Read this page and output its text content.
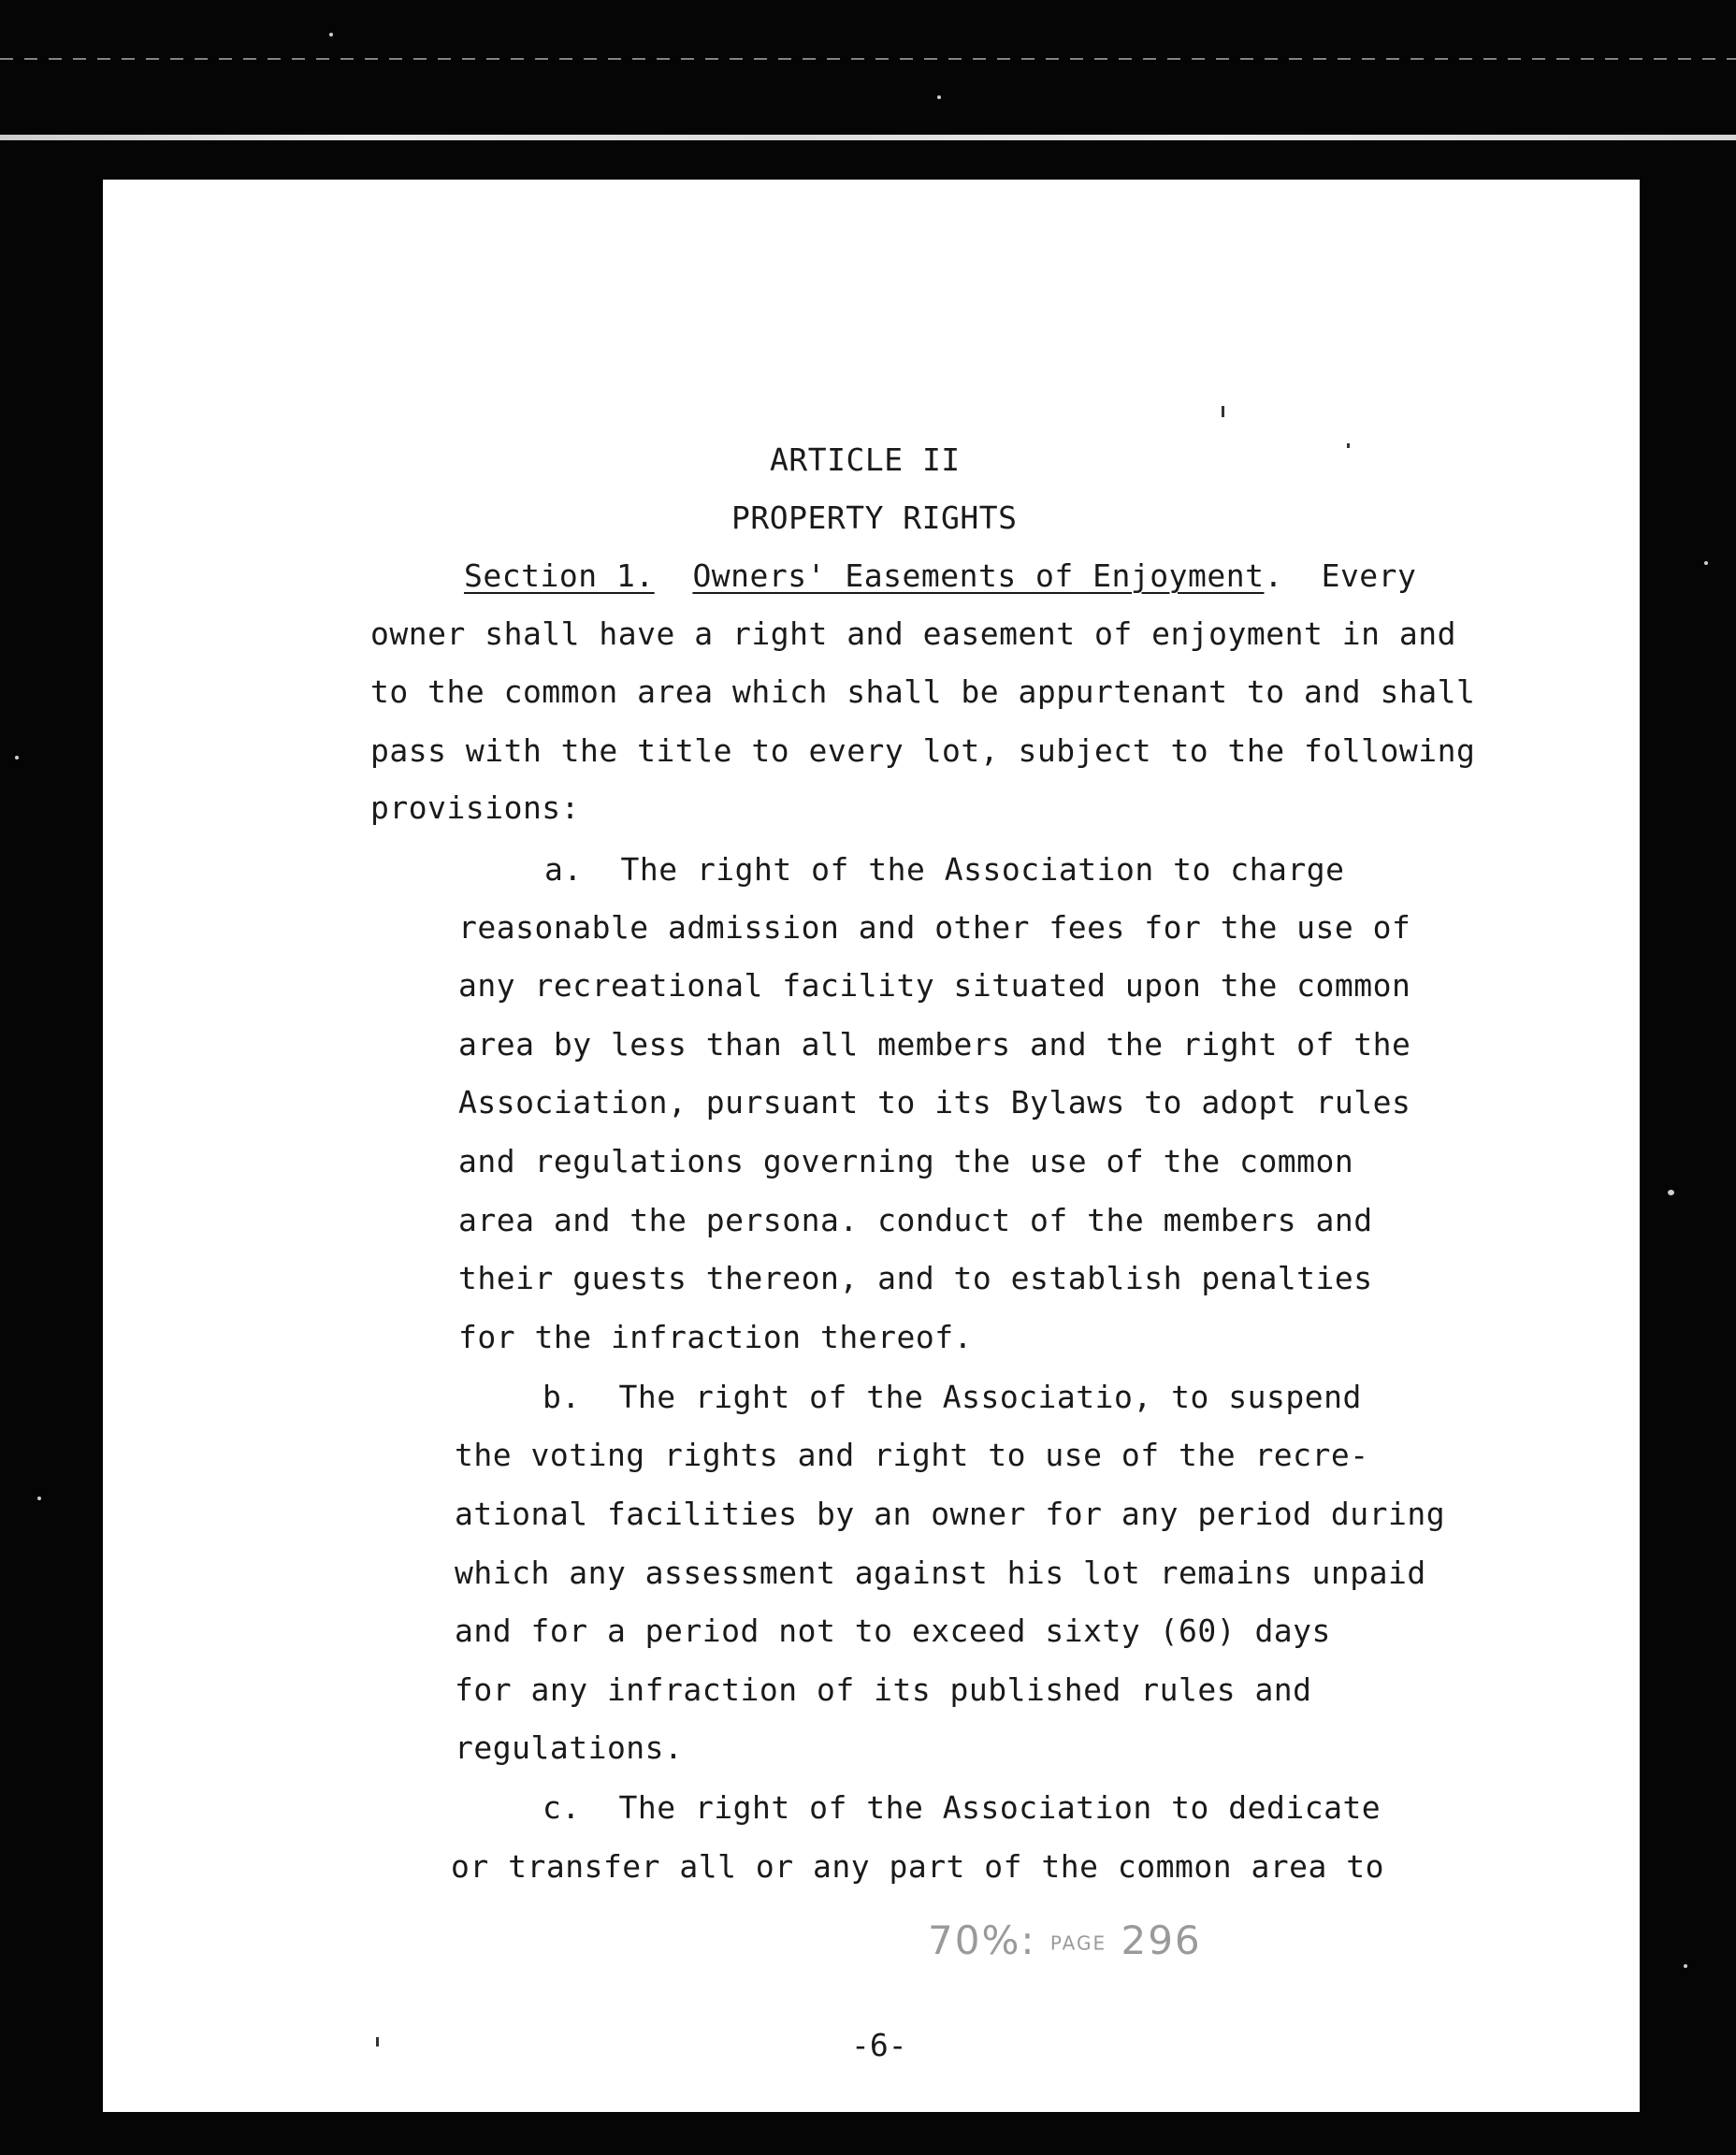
ARTICLE II
PROPERTY RIGHTS
Section 1. Owners' Easements of Enjoyment.  Every
owner shall have a right and easement of enjoyment in and
to the common area which shall be appurtenant to and shall
pass with the title to every lot, subject to the following
provisions:
a.  The right of the Association to charge
reasonable admission and other fees for the use of
any recreational facility situated upon the common
area by less than all members and the right of the
Association, pursuant to its Bylaws to adopt rules
and regulations governing the use of the common
area and the persona. conduct of the members and
their guests thereon, and to establish penalties
for the infraction thereof.
b.  The right of the Associatio, to suspend
the voting rights and right to use of the recre-
ational facilities by an owner for any period during
which any assessment against his lot remains unpaid
and for a period not to exceed sixty (60) days
for any infraction of its published rules and
regulations.
c.  The right of the Association to dedicate
or transfer all or any part of the common area to
70%: PAGE 296
-6-
